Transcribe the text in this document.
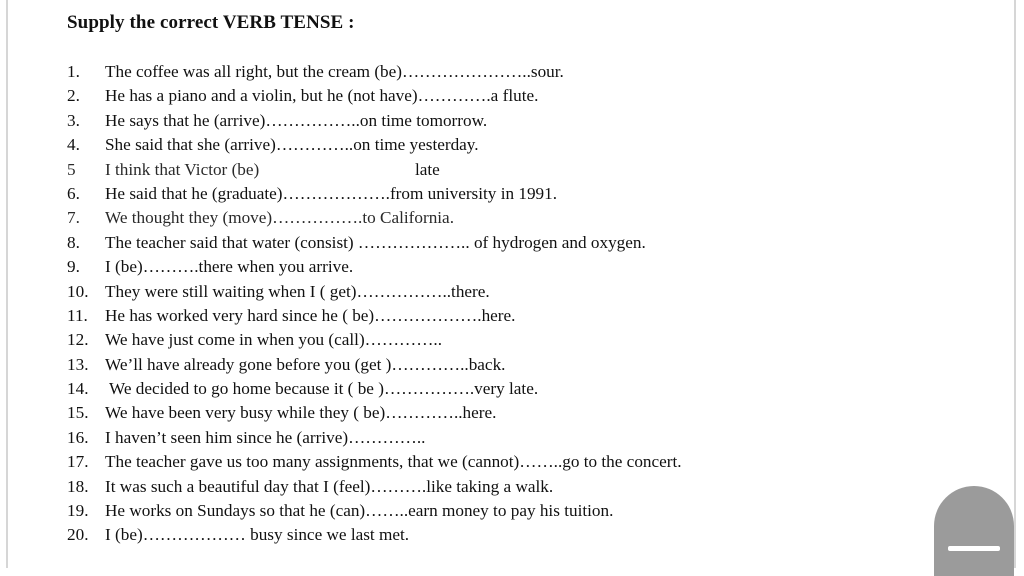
Supply the correct VERB TENSE :
1. The coffee was all right, but the cream (be)…………………..sour.
2. He has a piano and a violin, but he (not have)………….a flute.
3. He says that he (arrive)……………..on time tomorrow.
4. She said that she (arrive)…………..on time yesterday.
5 I think that Victor (be)	late
6. He said that he (graduate)……………….from university in 1991.
7. We thought they (move)…………….to California.
8. The teacher said that water (consist) ……………….. of hydrogen and oxygen.
9. I (be)……….there when you arrive.
10. They were still waiting when I ( get)……………..there.
11. He has worked very hard since he ( be)……………….here.
12. We have just come in when you (call)…………..
13. We’ll have already gone before you (get )…………..back.
14. We decided to go home because it ( be )…………….very late.
15. We have been very busy while they ( be)…………..here.
16. I haven’t seen him since he (arrive)…………..
17. The teacher gave us too many assignments, that we (cannot)……..go to the concert.
18. It was such a beautiful day that I (feel)……….like taking a walk.
19. He works on Sundays so that he (can)……..earn money to pay his tuition.
20. I (be)……………… busy since we last met.
